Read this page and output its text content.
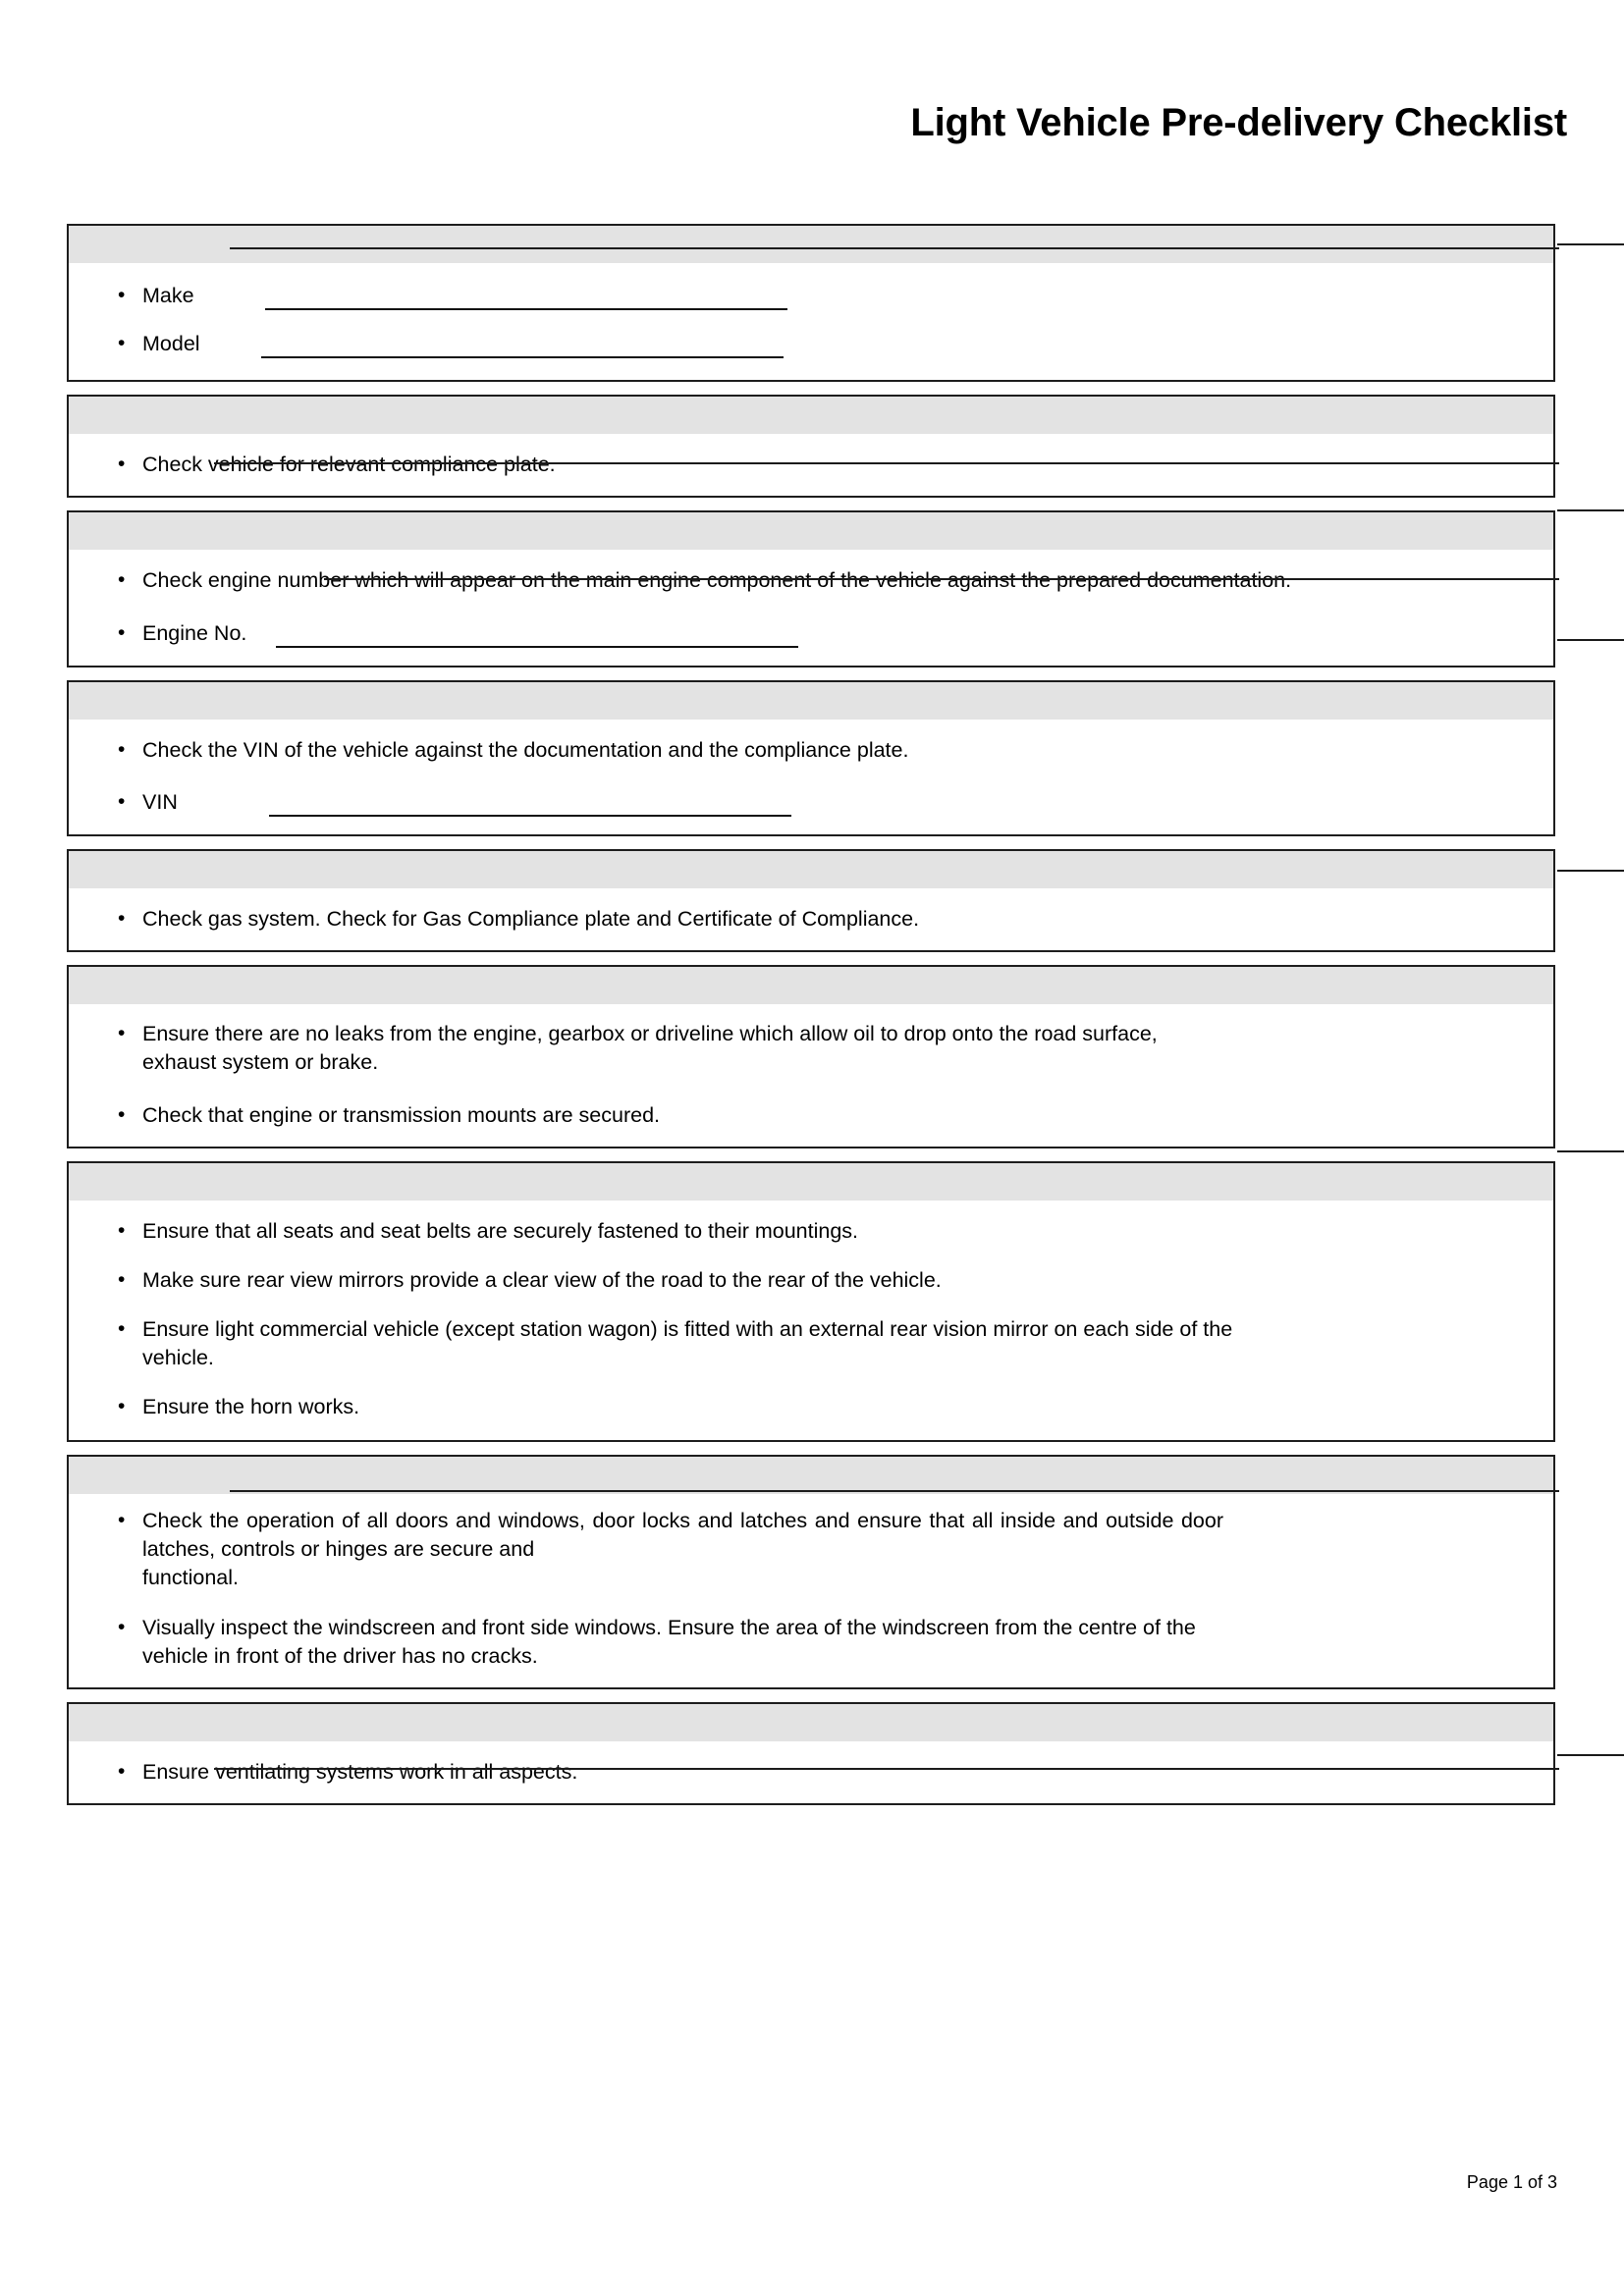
Light Vehicle Pre-delivery Checklist
• Make
• Model
• Check vehicle for relevant compliance plate.
• Check engine number which will appear on the main engine component of the vehicle against the prepared documentation.
• Engine No.
• Check the VIN of the vehicle against the documentation and the compliance plate.
• VIN
• Check gas system. Check for Gas Compliance plate and Certificate of Compliance.
• Ensure there are no leaks from the engine, gearbox or driveline which allow oil to drop onto the road surface, exhaust system or brake.
• Check that engine or transmission mounts are secured.
• Ensure that all seats and seat belts are securely fastened to their mountings.
• Make sure rear view mirrors provide a clear view of the road to the rear of the vehicle.
• Ensure light commercial vehicle (except station wagon) is fitted with an external rear vision mirror on each side of the vehicle.
• Ensure the horn works.
• Check the operation of all doors and windows, door locks and latches and ensure that all inside and outside door latches, controls or hinges are secure and
functional.
• Visually inspect the windscreen and front side windows. Ensure the area of the windscreen from the centre of the vehicle in front of the driver has no cracks.
• Ensure ventilating systems work in all aspects.
Page 1 of 3
